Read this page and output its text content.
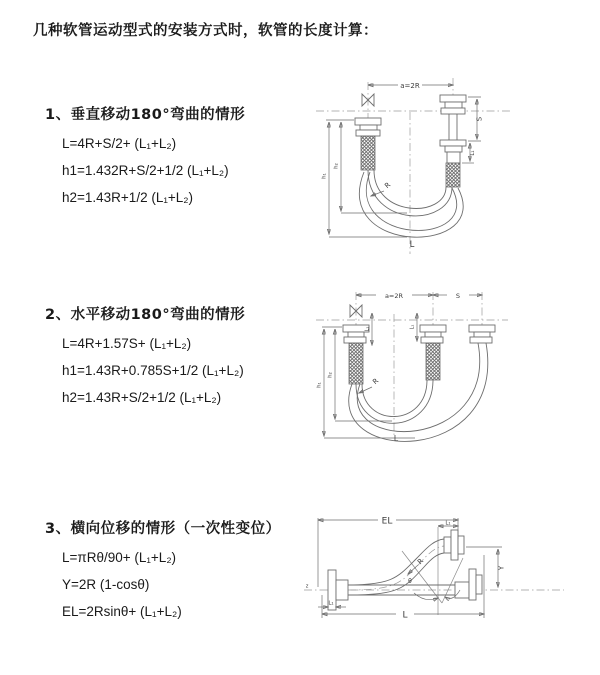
几种软管运动型式的安装方式时，软管的长度计算：
1、垂直移动180°弯曲的情形
L=4R+S/2+ (L₁+L₂)
h1=1.432R+S/2+1/2 (L₁+L₂)
h2=1.43R+1/2 (L₁+L₂)
2、水平移动180°弯曲的情形
L=4R+1.57S+ (L₁+L₂)
h1=1.43R+0.785S+1/2 (L₁+L₂)
h2=1.43R+S/2+1/2 (L₁+L₂)
3、横向位移的情形（一次性变位）
L=πRθ/90+ (L₁+L₂)
Y=2R (1-cosθ)
EL=2Rsinθ+ (L₁+L₂)
a=2R
S
L₁
h₁
h₂
R
L
a=2R	S
L₁	L₁
h₁
h₂
R
L
z
θ
EL	L₁
Y
L
L₁
R
